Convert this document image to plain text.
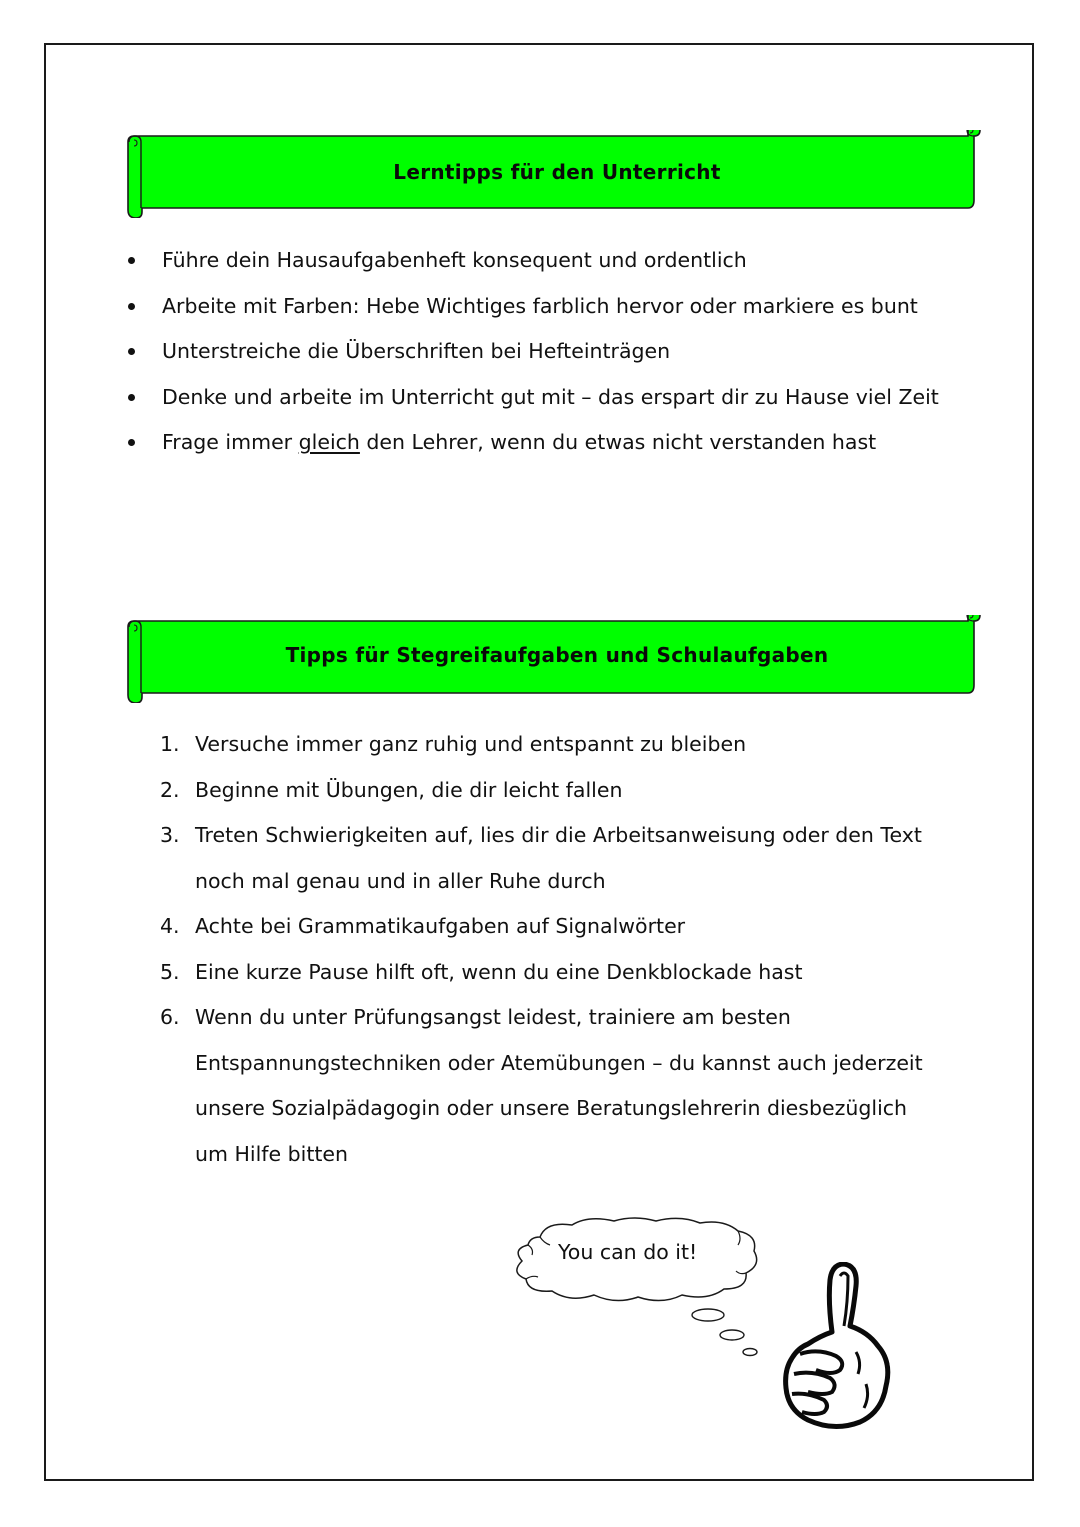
Lerntipps für den Unterricht
Führe dein Hausaufgabenheft konsequent und ordentlich
Arbeite mit Farben: Hebe Wichtiges farblich hervor oder markiere es bunt
Unterstreiche die Überschriften bei Hefteinträgen
Denke und arbeite im Unterricht gut mit – das erspart dir zu Hause viel Zeit
Frage immer gleich den Lehrer, wenn du etwas nicht verstanden hast
Tipps für Stegreifaufgaben und Schulaufgaben
1. Versuche immer ganz ruhig und entspannt zu bleiben
2. Beginne mit Übungen, die dir leicht fallen
3. Treten Schwierigkeiten auf, lies dir die Arbeitsanweisung oder den Text noch mal genau und in aller Ruhe durch
4. Achte bei Grammatikaufgaben auf Signalwörter
5. Eine kurze Pause hilft oft, wenn du eine Denkblockade hast
6. Wenn du unter Prüfungsangst leidest, trainiere am besten Entspannungstechniken oder Atemübungen – du kannst auch jederzeit unsere Sozialpädagogin oder unsere Beratungslehrerin diesbezüglich um Hilfe bitten
You can do it!
